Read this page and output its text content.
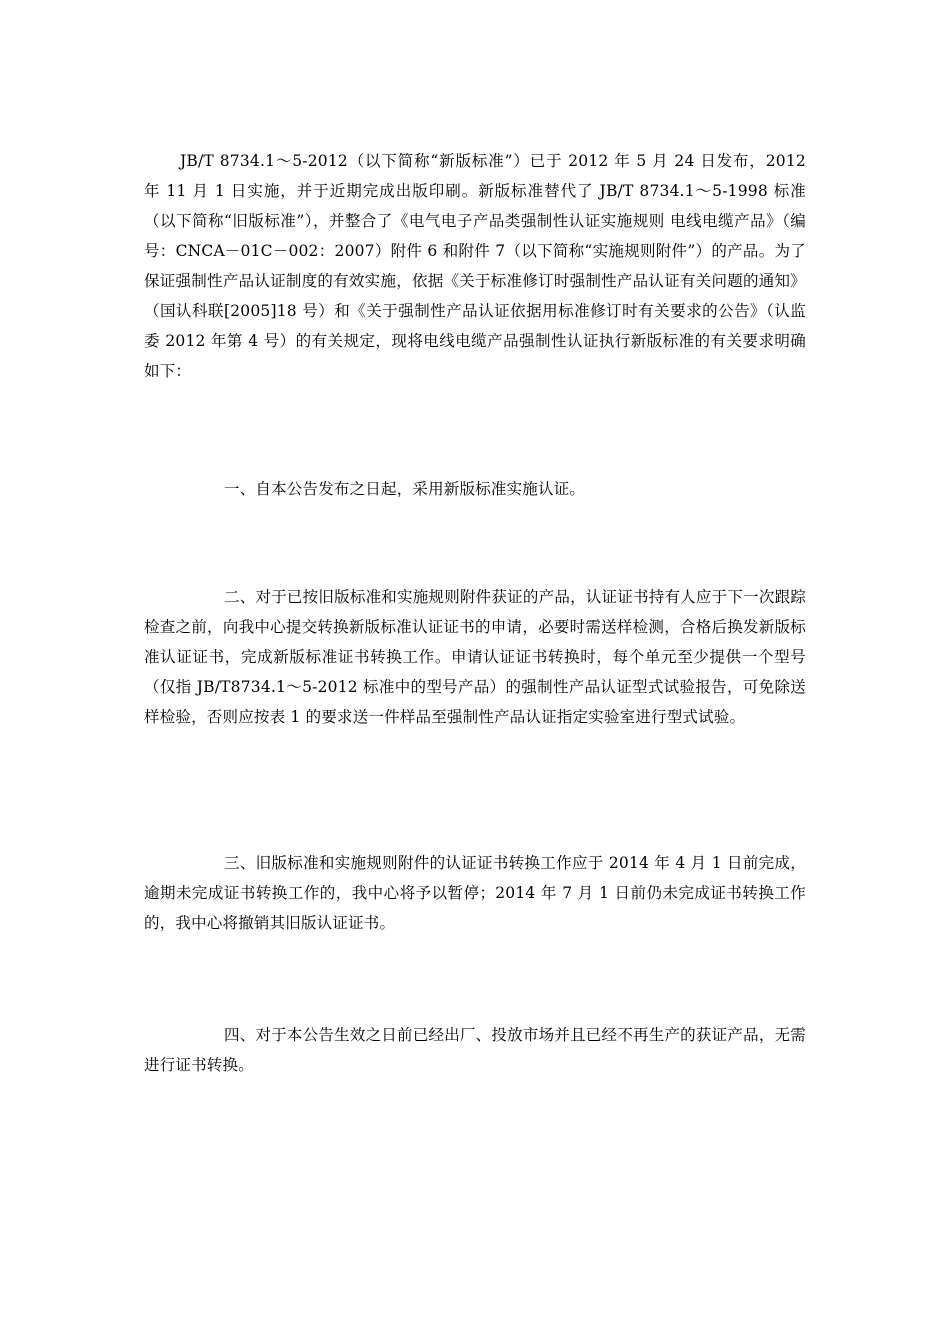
JB/T 8734.1～5-2012（以下简称“新版标准”）已于 2012 年 5 月 24 日发布，2012 年 11 月 1 日实施，并于近期完成出版印刷。新版标准替代了 JB/T 8734.1～5-1998 标准（以下简称“旧版标准”），并整合了《电气电子产品类强制性认证实施规则 电线电缆产品》（编号：CNCA－01C－002：2007）附件 6 和附件 7（以下简称“实施规则附件”）的产品。为了保证强制性产品认证制度的有效实施，依据《关于标准修订时强制性产品认证有关问题的通知》（国认科联[2005]18 号）和《关于强制性产品认证依据用标准修订时有关要求的公告》（认监委 2012 年第 4 号）的有关规定，现将电线电缆产品强制性认证执行新版标准的有关要求明确如下：

一、自本公告发布之日起，采用新版标准实施认证。

二、对于已按旧版标准和实施规则附件获证的产品，认证证书持有人应于下一次跟踪检查之前，向我中心提交转换新版标准认证证书的申请，必要时需送样检测，合格后换发新版标准认证证书，完成新版标准证书转换工作。申请认证证书转换时，每个单元至少提供一个型号（仅指 JB/T8734.1～5-2012 标准中的型号产品）的强制性产品认证型式试验报告，可免除送样检验，否则应按表 1 的要求送一件样品至强制性产品认证指定实验室进行型式试验。

三、旧版标准和实施规则附件的认证证书转换工作应于 2014 年 4 月 1 日前完成，逾期未完成证书转换工作的，我中心将予以暂停；2014 年 7 月 1 日前仍未完成证书转换工作的，我中心将撤销其旧版认证证书。

四、对于本公告生效之日前已经出厂、投放市场并且已经不再生产的获证产品，无需进行证书转换。
